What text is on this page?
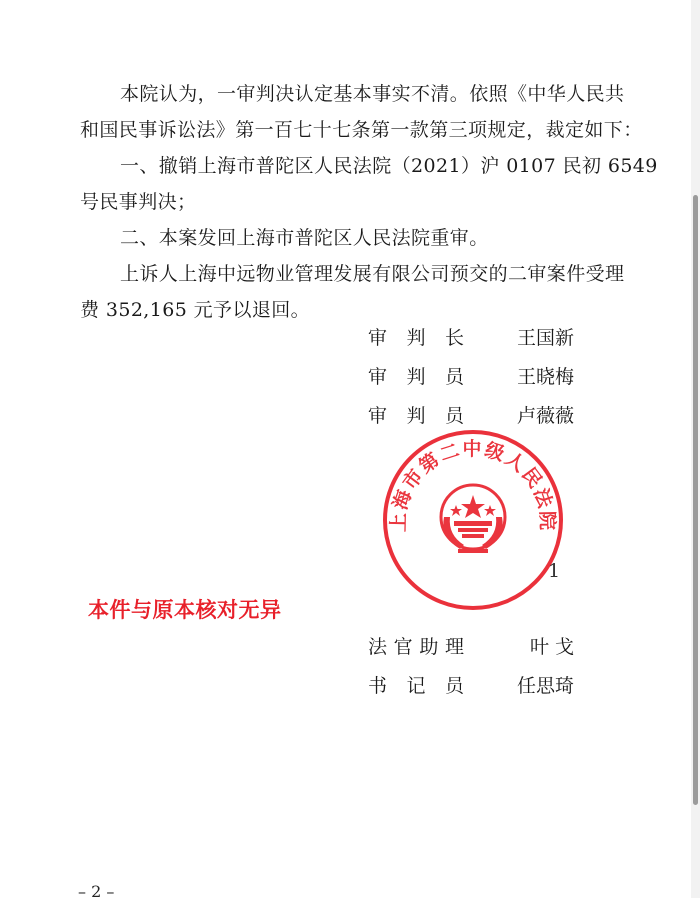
本院认为，一审判决认定基本事实不清。依照《中华人民共
和国民事诉讼法》第一百七十七条第一款第三项规定，裁定如下：

一、撤销上海市普陀区人民法院（2021）沪 0107 民初 6549
号民事判决；

二、本案发回上海市普陀区人民法院重审。

上诉人上海中远物业管理发展有限公司预交的二审案件受理
费 352,165 元予以退回。

审判长	王国新
审判员	王晓梅
审判员	卢薇薇
上海市第二中级人民法院
1
本件与原本核对无异
法官助理	叶 戈
书记员	任思琦
– 2 –
